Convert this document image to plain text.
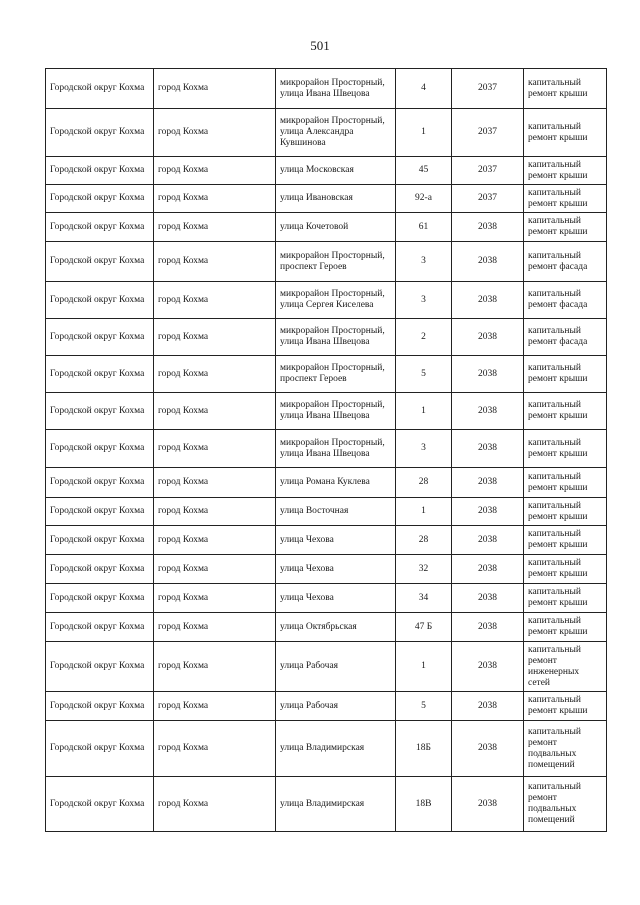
501
Городской округ Кохма	город Кохма	микрорайон Просторный, улица Ивана Швецова	4	2037	капитальный ремонт крыши
Городской округ Кохма	город Кохма	микрорайон Просторный, улица Александра Кувшинова	1	2037	капитальный ремонт крыши
Городской округ Кохма	город Кохма	улица Московская	45	2037	капитальный ремонт крыши
Городской округ Кохма	город Кохма	улица Ивановская	92-а	2037	капитальный ремонт крыши
Городской округ Кохма	город Кохма	улица Кочетовой	61	2038	капитальный ремонт крыши
Городской округ Кохма	город Кохма	микрорайон Просторный, проспект Героев	3	2038	капитальный ремонт фасада
Городской округ Кохма	город Кохма	микрорайон Просторный, улица Сергея Киселева	3	2038	капитальный ремонт фасада
Городской округ Кохма	город Кохма	микрорайон Просторный, улица Ивана Швецова	2	2038	капитальный ремонт фасада
Городской округ Кохма	город Кохма	микрорайон Просторный, проспект Героев	5	2038	капитальный ремонт крыши
Городской округ Кохма	город Кохма	микрорайон Просторный, улица Ивана Швецова	1	2038	капитальный ремонт крыши
Городской округ Кохма	город Кохма	микрорайон Просторный, улица Ивана Швецова	3	2038	капитальный ремонт крыши
Городской округ Кохма	город Кохма	улица Романа Куклева	28	2038	капитальный ремонт крыши
Городской округ Кохма	город Кохма	улица Восточная	1	2038	капитальный ремонт крыши
Городской округ Кохма	город Кохма	улица Чехова	28	2038	капитальный ремонт крыши
Городской округ Кохма	город Кохма	улица Чехова	32	2038	капитальный ремонт крыши
Городской округ Кохма	город Кохма	улица Чехова	34	2038	капитальный ремонт крыши
Городской округ Кохма	город Кохма	улица Октябрьская	47 Б	2038	капитальный ремонт крыши
Городской округ Кохма	город Кохма	улица Рабочая	1	2038	капитальный ремонт инженерных сетей
Городской округ Кохма	город Кохма	улица Рабочая	5	2038	капитальный ремонт крыши
Городской округ Кохма	город Кохма	улица Владимирская	18Б	2038	капитальный ремонт подвальных помещений
Городской округ Кохма	город Кохма	улица Владимирская	18В	2038	капитальный ремонт подвальных помещений
